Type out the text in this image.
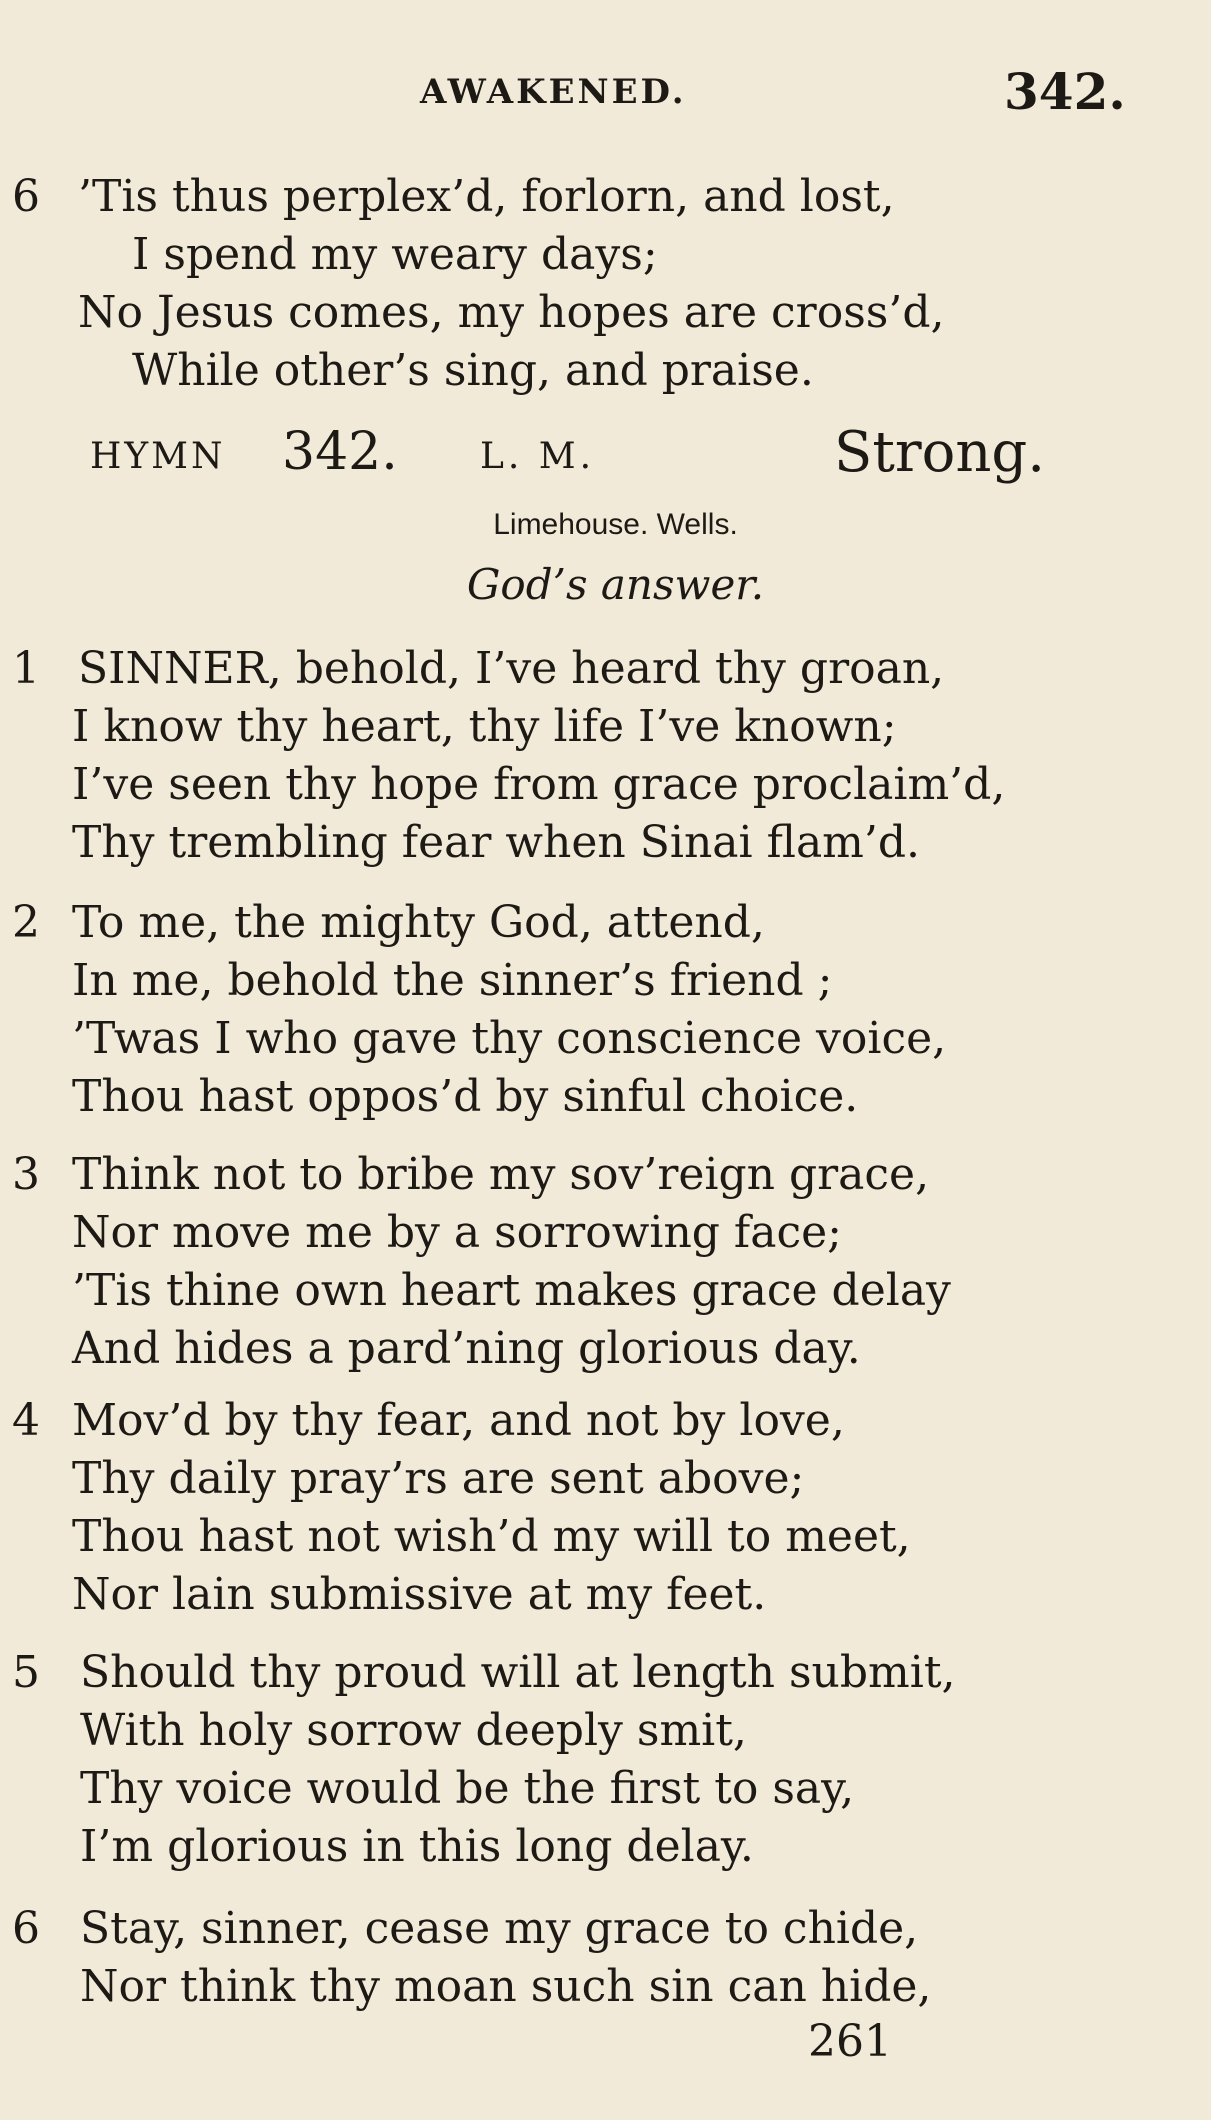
AWAKENED.	342.
6 ’Tis thus perplex’d, forlorn, and lost,
I spend my weary days;
No Jesus comes, my hopes are cross’d,
While other’s sing, and praise.
HYMN 342. L. M.	Strong.
Limehouse. Wells.
God’s answer.
1 SINNER, behold, I’ve heard thy groan,
I know thy heart, thy life I’ve known;
I’ve seen thy hope from grace proclaim’d,
Thy trembling fear when Sinai flam’d.
2 To me, the mighty God, attend,
In me, behold the sinner’s friend ;
’Twas I who gave thy conscience voice,
Thou hast oppos’d by sinful choice.
3 Think not to bribe my sov’reign grace,
Nor move me by a sorrowing face;
’Tis thine own heart makes grace delay
And hides a pard’ning glorious day.
4 Mov’d by thy fear, and not by love,
Thy daily pray’rs are sent above;
Thou hast not wish’d my will to meet,
Nor lain submissive at my feet.
5 Should thy proud will at length submit,
With holy sorrow deeply smit,
Thy voice would be the first to say,
I’m glorious in this long delay.
6 Stay, sinner, cease my grace to chide,
Nor think thy moan such sin can hide,
261
